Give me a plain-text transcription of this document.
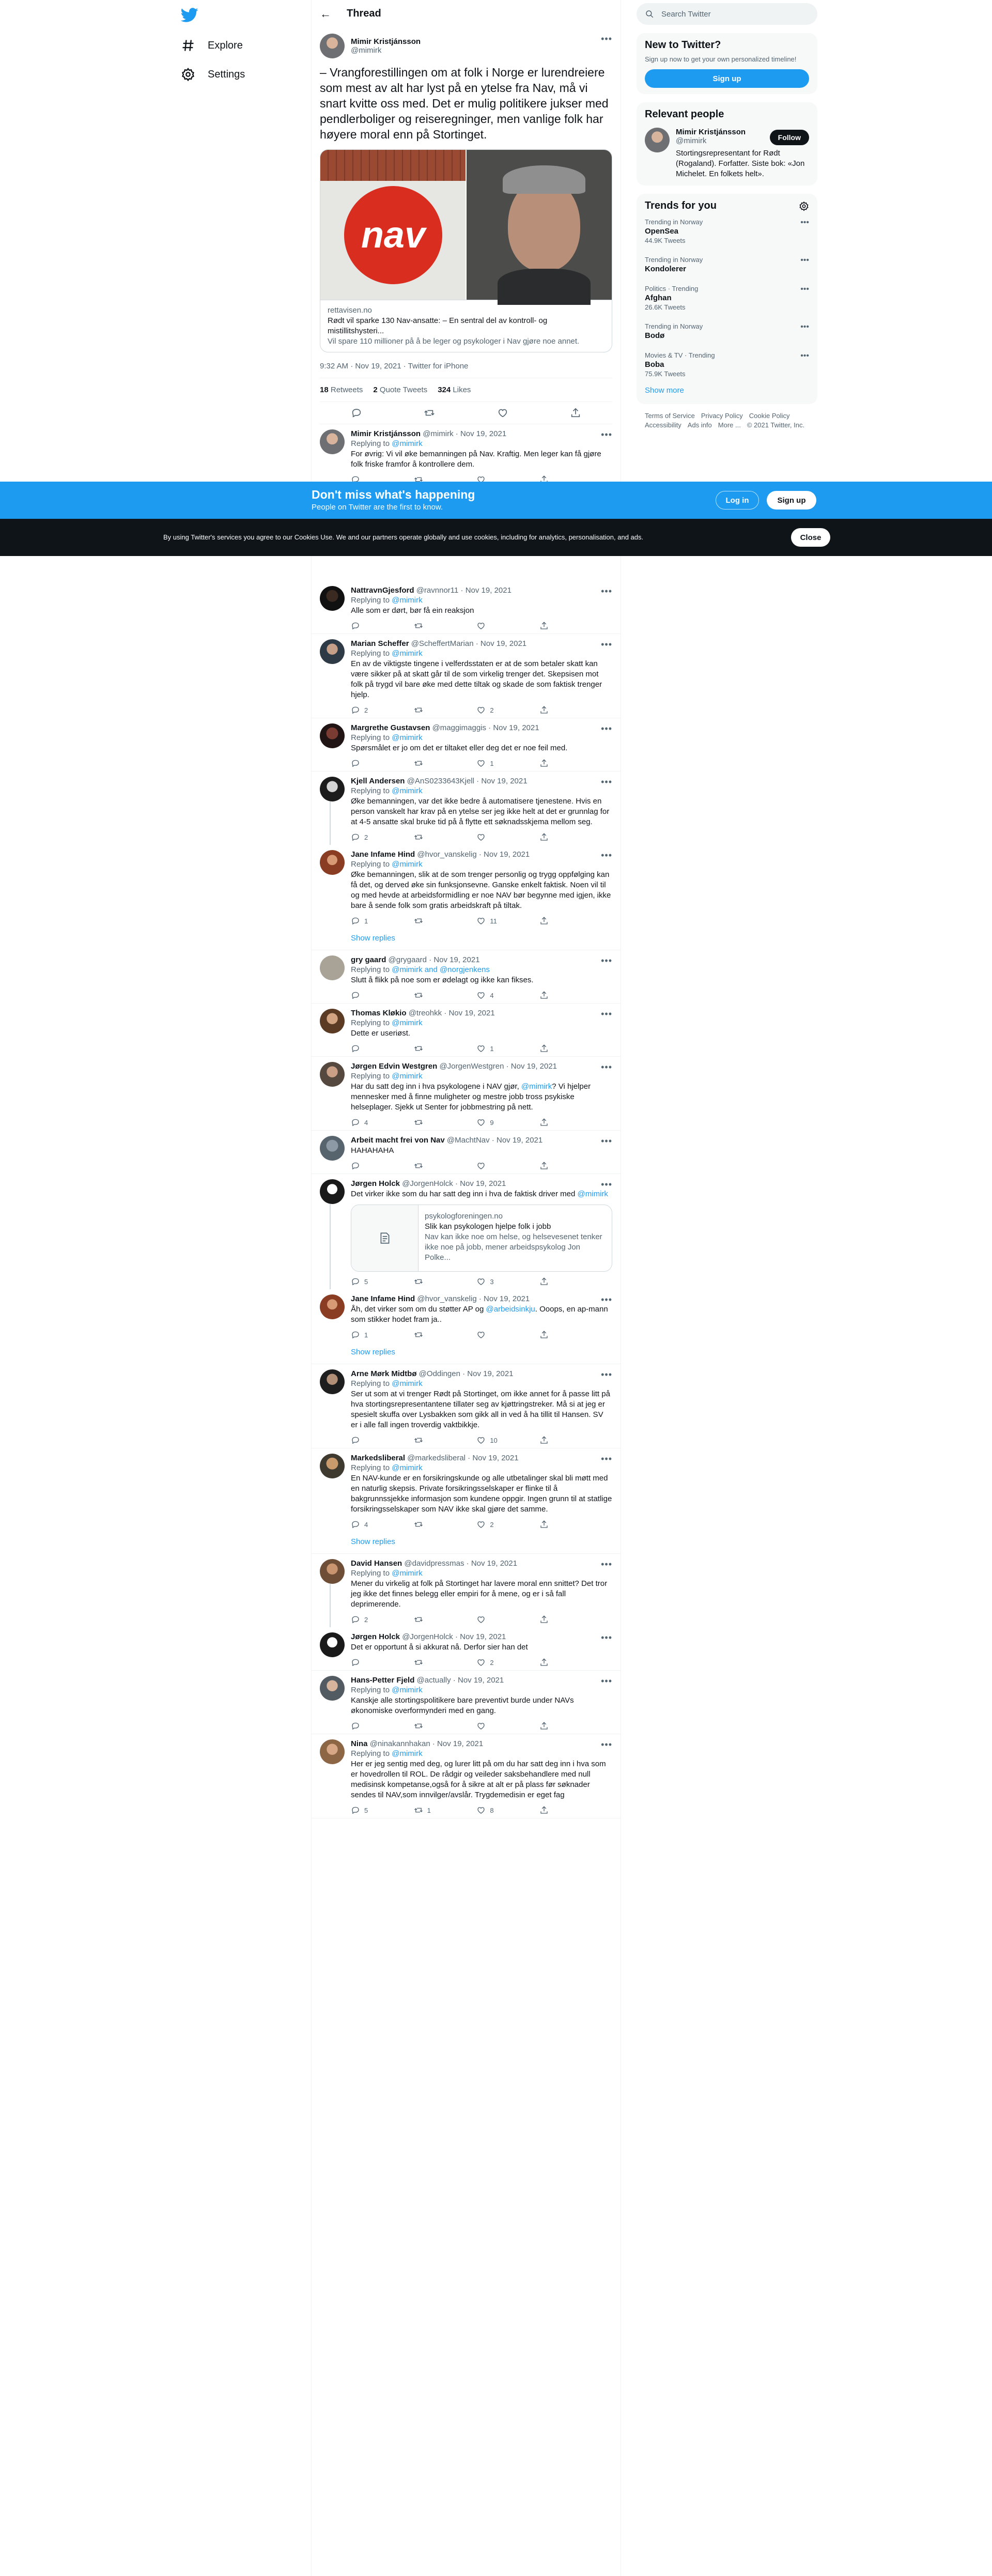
Explore
Settings
← Thread
Mimir Kristjánsson
@mimirk
•••
– Vrangforestillingen om at folk i Norge er lurendreiere som mest av alt har lyst på en ytelse fra Nav, må vi snart kvitte oss med. Det er mulig politikere jukser med pendlerboliger og reiseregninger, men vanlige folk har høyere moral enn på Stortinget.
nav
rettavisen.no
Rødt vil sparke 130 Nav-ansatte: – En sentral del av kontroll- og mistillitshysteri...
Vil spare 110 millioner på å be leger og psykologer i Nav gjøre noe annet.
9:32 AM · Nov 19, 2021 · Twitter for iPhone
18 Retweets 2 Quote Tweets 324 Likes
Mimir Kristjánsson @mimirk · Nov 19, 2021	•••
Replying to @mimirk
For øvrig: Vi vil øke bemanningen på Nav. Kraftig. Men leger kan få gjøre folk friske framfor å kontrollere dem.
NattravnGjesford @ravnnor11 · Nov 19, 2021	•••
Replying to @mimirk
Alle som er dørt, bør få ein reaksjon
Marian Scheffer @ScheffertMarian · Nov 19, 2021	•••
Replying to @mimirk
En av de viktigste tingene i velferdsstaten er at de som betaler skatt kan være sikker på at skatt går til de som virkelig trenger det. Skepsisen mot folk på trygd vil bare øke med dette tiltak og skade de som faktisk trenger hjelp.
2	2
Margrethe Gustavsen @maggimaggis · Nov 19, 2021	•••
Replying to @mimirk
Spørsmålet er jo om det er tiltaket eller deg det er noe feil med.
1
Kjell Andersen @AnS0233643Kjell · Nov 19, 2021	•••
Replying to @mimirk
Øke bemanningen, var det ikke bedre å automatisere tjenestene. Hvis en person vanskelt har krav på en ytelse ser jeg ikke helt at det er grunnlag for at 4-5 ansatte skal bruke tid på å flytte ett søknadsskjema mellom seg.
2
Jane Infame Hind @hvor_vanskelig · Nov 19, 2021	•••
Replying to @mimirk
Øke bemanningen, slik at de som trenger personlig og trygg oppfølging kan få det, og derved øke sin funksjonsevne. Ganske enkelt faktisk. Noen vil til og med hevde at arbeidsformidling er noe NAV bør begynne med igjen, ikke bare å sende folk som gratis arbeidskraft på tiltak.
1	11
Show replies
gry gaard @grygaard · Nov 19, 2021	•••
Replying to @mimirk and @norgjenkens
Slutt å flikk på noe som er ødelagt og ikke kan fikses.
4
Thomas Kløkio @treohkk · Nov 19, 2021	•••
Replying to @mimirk
Dette er useriøst.
1
Jørgen Edvin Westgren @JorgenWestgren · Nov 19, 2021	•••
Replying to @mimirk
Har du satt deg inn i hva psykologene i NAV gjør, @mimirk? Vi hjelper mennesker med å finne muligheter og mestre jobb tross psykiske helseplager. Sjekk ut Senter for jobbmestring på nett.
4	9
Arbeit macht frei von Nav @MachtNav · Nov 19, 2021	•••
HAHAHAHA
Jørgen Holck @JorgenHolck · Nov 19, 2021	•••
Det virker ikke som du har satt deg inn i hva de faktisk driver med @mimirk
psykologforeningen.no
Slik kan psykologen hjelpe folk i jobb
Nav kan ikke noe om helse, og helsevesenet tenker ikke noe på jobb, mener arbeidspsykolog Jon Polke...
5	3
Jane Infame Hind @hvor_vanskelig · Nov 19, 2021	•••
Åh, det virker som om du støtter AP og @arbeidsinkju. Ooops, en ap-mann som stikker hodet fram ja..
1
Show replies
Arne Mørk Midtbø @Oddingen · Nov 19, 2021	•••
Replying to @mimirk
Ser ut som at vi trenger Rødt på Stortinget, om ikke annet for å passe litt på hva stortingsrepresentantene tillater seg av kjøttringstreker. Må si at jeg er spesielt skuffa over Lysbakken som gikk all in ved å ha tillit til Hansen. SV er i alle fall ingen troverdig vaktbikkje.
10
Markedsliberal @markedsliberal · Nov 19, 2021	•••
Replying to @mimirk
En NAV-kunde er en forsikringskunde og alle utbetalinger skal bli møtt med en naturlig skepsis. Private forsikringsselskaper er flinke til å bakgrunnssjekke informasjon som kundene oppgir. Ingen grunn til at statlige forsikringsselskaper som NAV ikke skal gjøre det samme.
4	2
Show replies
David Hansen @davidpressmas · Nov 19, 2021	•••
Replying to @mimirk
Mener du virkelig at folk på Stortinget har lavere moral enn snittet? Det tror jeg ikke det finnes belegg eller empiri for å mene, og er i så fall deprimerende.
2
Jørgen Holck @JorgenHolck · Nov 19, 2021	•••
Det er opportunt å si akkurat nå. Derfor sier han det
2
Hans-Petter Fjeld @actually · Nov 19, 2021	•••
Replying to @mimirk
Kanskje alle stortingspolitikere bare preventivt burde under NAVs økonomiske overformynderi med en gang.
Nina @ninakannhakan · Nov 19, 2021	•••
Replying to @mimirk
Her er jeg sentig med deg, og lurer litt på om du har satt deg inn i hva som er hovedrollen til ROL. De rådgir og veileder saksbehandlere med null medisinsk kompetanse,også for å sikre at alt er på plass før søknader sendes til NAV,som innvilger/avslår. Trygdemedisin er eget fag
5	1	8
Search Twitter
New to Twitter?
Sign up now to get your own personalized timeline!
Sign up
Relevant people
Mimir Kristjánsson
@mimirk
Stortingsrepresentant for Rødt (Rogaland). Forfatter. Siste bok: «Jon Michelet. En folkets helt».
Follow
Trends for you
Trending in Norway
OpenSea
44.9K Tweets
•••
Trending in Norway
Kondolerer
•••
Politics · Trending
Afghan
26.6K Tweets
•••
Trending in Norway
Bodø
•••
Movies & TV · Trending
Boba
75.9K Tweets
•••
Show more
Terms of Service Privacy Policy Cookie Policy
Accessibility Ads info More ... © 2021 Twitter, Inc.
Don't miss what's happening
People on Twitter are the first to know.
Log in	Sign up
By using Twitter's services you agree to our Cookies Use. We and our partners operate globally and use cookies, including for analytics, personalisation, and ads.	Close
